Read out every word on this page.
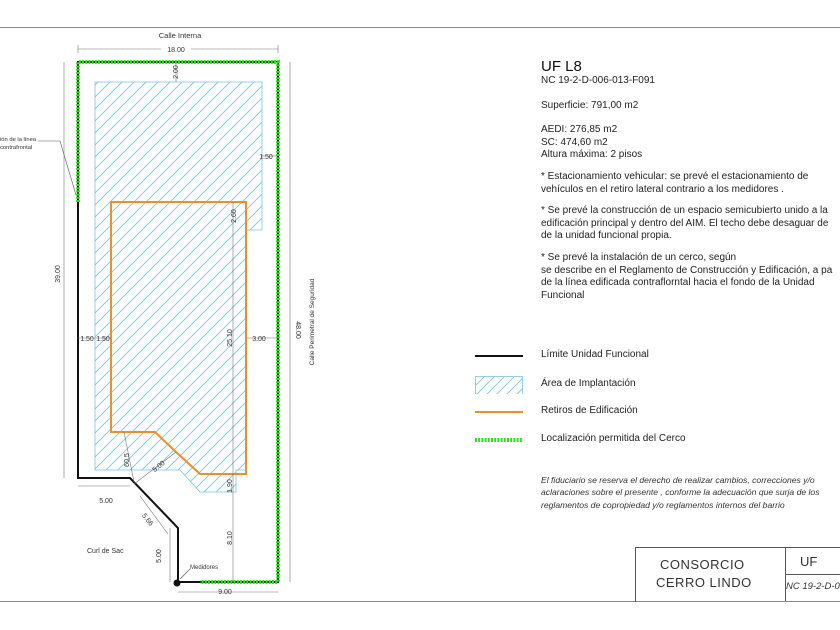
Calle Interna
18.00
2.00
1.50
2.60
39.00
48.00
1.50 1.50	25.10	3.00
60.5	5.00
1.90
8.10
5.00
5.66
5.00
9.00
Calle Perimetral de Seguridad
Curl de Sac
Medidores
ión de la línea
contrafrontal
UF L8

NC 19-2-D-006-013-F091

Superficie: 791,00 m2

AEDI: 276,85 m2

SC: 474,60 m2

Altura máxima: 2 pisos

* Estacionamiento vehicular: se prevé el estacionamiento de

vehículos en el retiro lateral contrario a los medidores .

* Se prevé la construcción de un espacio semicubierto unido a la

edificación principal y dentro del AIM. El techo debe desaguar de

de la unidad funcional propia.

* Se prevé la instalación de un cerco, según

se describe en el Reglamento de Construcción y Edificación, a pa

de la línea edificada contraflorntal hacia el fondo de la Unidad

Funcional

Límite Unidad Funcional
Área de Implantación
Retiros de Edificación
Localización permitida del Cerco
El fiduciario se reserva el derecho de realizar cambios, correcciones y/o
aclaraciones sobre el presente , conforme la adecuación que surja de los
reglamentos de copropiedad y/o reglamentos internos del barrio
CONSORCIO
CERRO LINDO
UF
NC 19-2-D-0
